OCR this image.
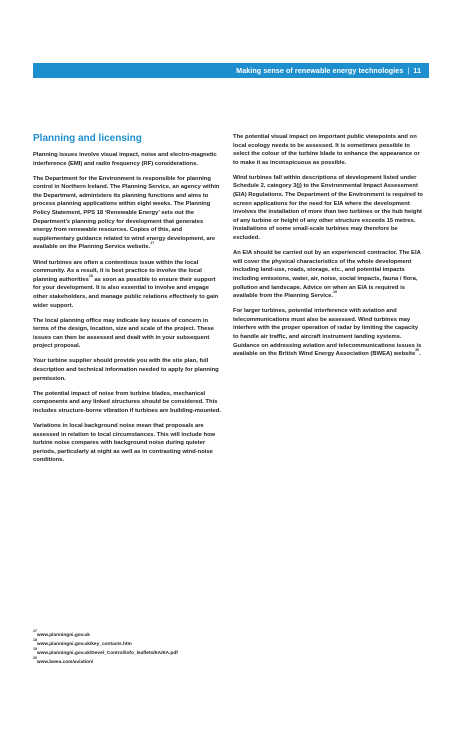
Making sense of renewable energy technologies | 11
Planning and licensing

Planning issues involve visual impact, noise and electro-magnetic interference (EMI) and radio frequency (RF) considerations.

The Department for the Environment is responsible for planning control in Northern Ireland. The Planning Service, an agency within the Department, administers its planning functions and aims to process planning applications within eight weeks. The Planning Policy Statement, PPS 18 ‘Renewable Energy’ sets out the Department’s planning policy for development that generates energy from renewable resources. Copies of this, and supplementary guidance related to wind energy development, are available on the Planning Service website.$^{17}$

Wind turbines are often a contentious issue within the local community. As a result, it is best practice to involve the local planning authorities$^{18}$ as soon as possible to ensure their support for your development. It is also essential to involve and engage other stakeholders, and manage public relations effectively to gain wider support.

The local planning office may indicate key issues of concern in terms of the design, location, size and scale of the project. These issues can then be assessed and dealt with in your subsequent project proposal.

Your turbine supplier should provide you with the site plan, full description and technical information needed to apply for planning permission.

The potential impact of noise from turbine blades, mechanical components and any linked structures should be considered. This includes structure-borne vibration if turbines are building-mounted.

Variations in local background noise mean that proposals are assessed in relation to local circumstances. This will include how turbine noise compares with background noise during quieter periods, particularly at night as well as in contrasting wind-noise conditions.

The potential visual impact on important public viewpoints and on local ecology needs to be assessed. It is sometimes possible to select the colour of the turbine blade to enhance the appearance or to make it as inconspicuous as possible.

Wind turbines fall within descriptions of development listed under Schedule 2, category 3(j) to the Environmental Impact Assessment (EIA) Regulations. The Department of the Environment is required to screen applications for the need for EIA where the development involves the installation of more than two turbines or the hub height of any turbine or height of any other structure exceeds 15 metres. Installations of some small-scale turbines may therefore be excluded.

An EIA should be carried out by an experienced contractor. The EIA will cover the physical characteristics of the whole development including land-use, roads, storage, etc., and potential impacts including emissions, water, air, noise, social impacts, fauna / flora, pollution and landscape. Advice on when an EIA is required is available from the Planning Service.$^{19}$

For larger turbines, potential interference with aviation and telecommunications must also be assessed. Wind turbines may interfere with the proper operation of radar by limiting the capacity to handle air traffic, and aircraft instrument landing systems. Guidance on addressing aviation and telecommunications issues is available on the British Wind Energy Association (BWEA) website$^{20}$.

$^{17}$www.planningni.gov.uk
$^{18}$www.planningni.gov.uk/key_contacts.htm
$^{19}$www.planningni.gov.uk/Devel_Control/info_leaflets/EA/EA.pdf
$^{20}$www.bwea.com/aviation/
